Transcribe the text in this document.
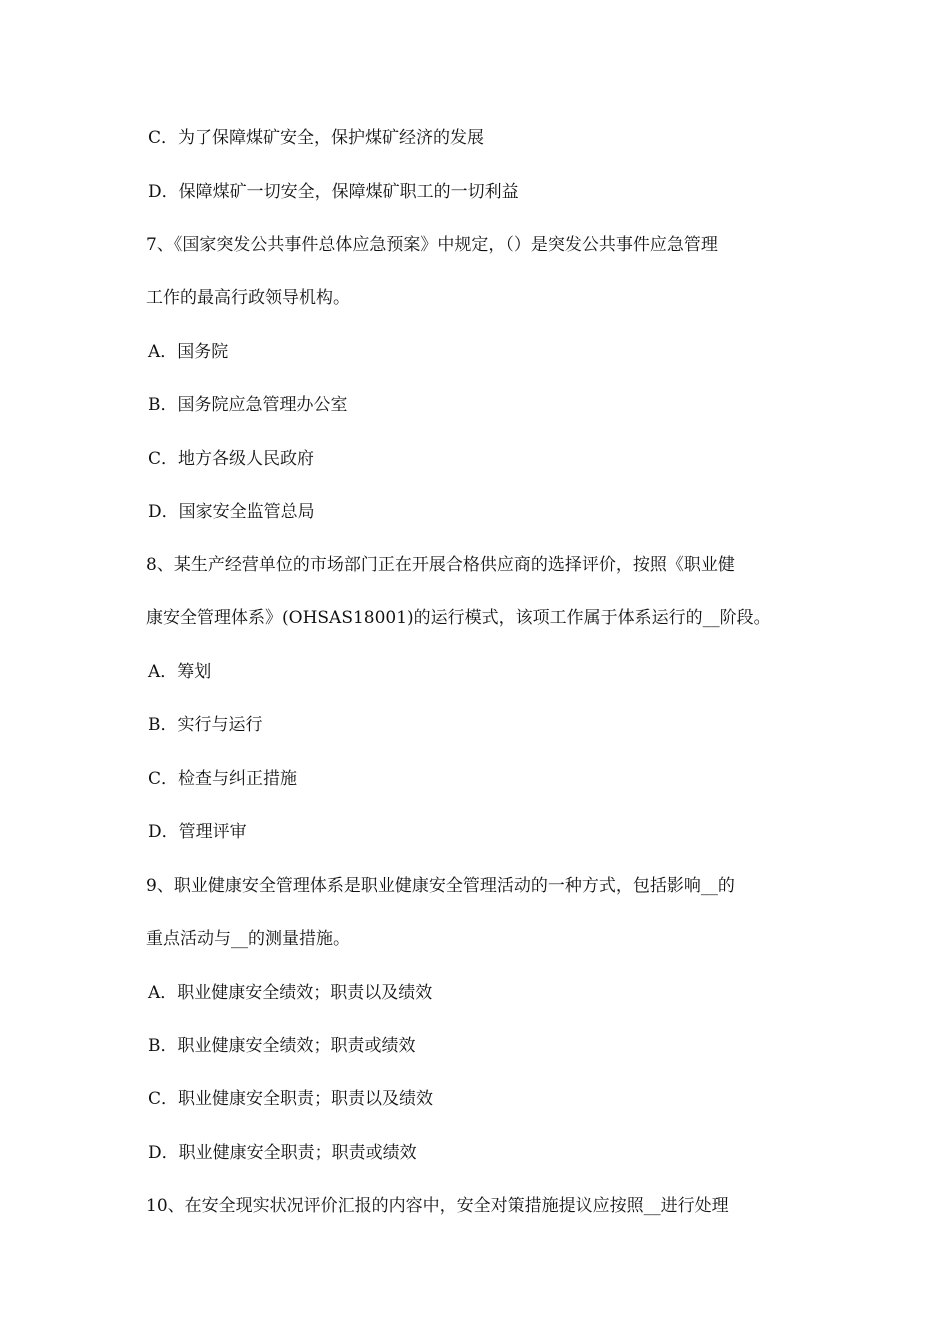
C．为了保障煤矿安全，保护煤矿经济的发展
D．保障煤矿一切安全，保障煤矿职工的一切利益
7、《国家突发公共事件总体应急预案》中规定，（）是突发公共事件应急管理
工作的最高行政领导机构。
A．国务院
B．国务院应急管理办公室
C．地方各级人民政府
D．国家安全监管总局
8、某生产经营单位的市场部门正在开展合格供应商的选择评价，按照《职业健
康安全管理体系》(OHSAS18001)的运行模式，该项工作属于体系运行的__阶段。
A．筹划
B．实行与运行
C．检查与纠正措施
D．管理评审
9、职业健康安全管理体系是职业健康安全管理活动的一种方式，包括影响__的
重点活动与__的测量措施。
A．职业健康安全绩效；职责以及绩效
B．职业健康安全绩效；职责或绩效
C．职业健康安全职责；职责以及绩效
D．职业健康安全职责；职责或绩效
10、在安全现实状况评价汇报的内容中，安全对策措施提议应按照__进行处理
